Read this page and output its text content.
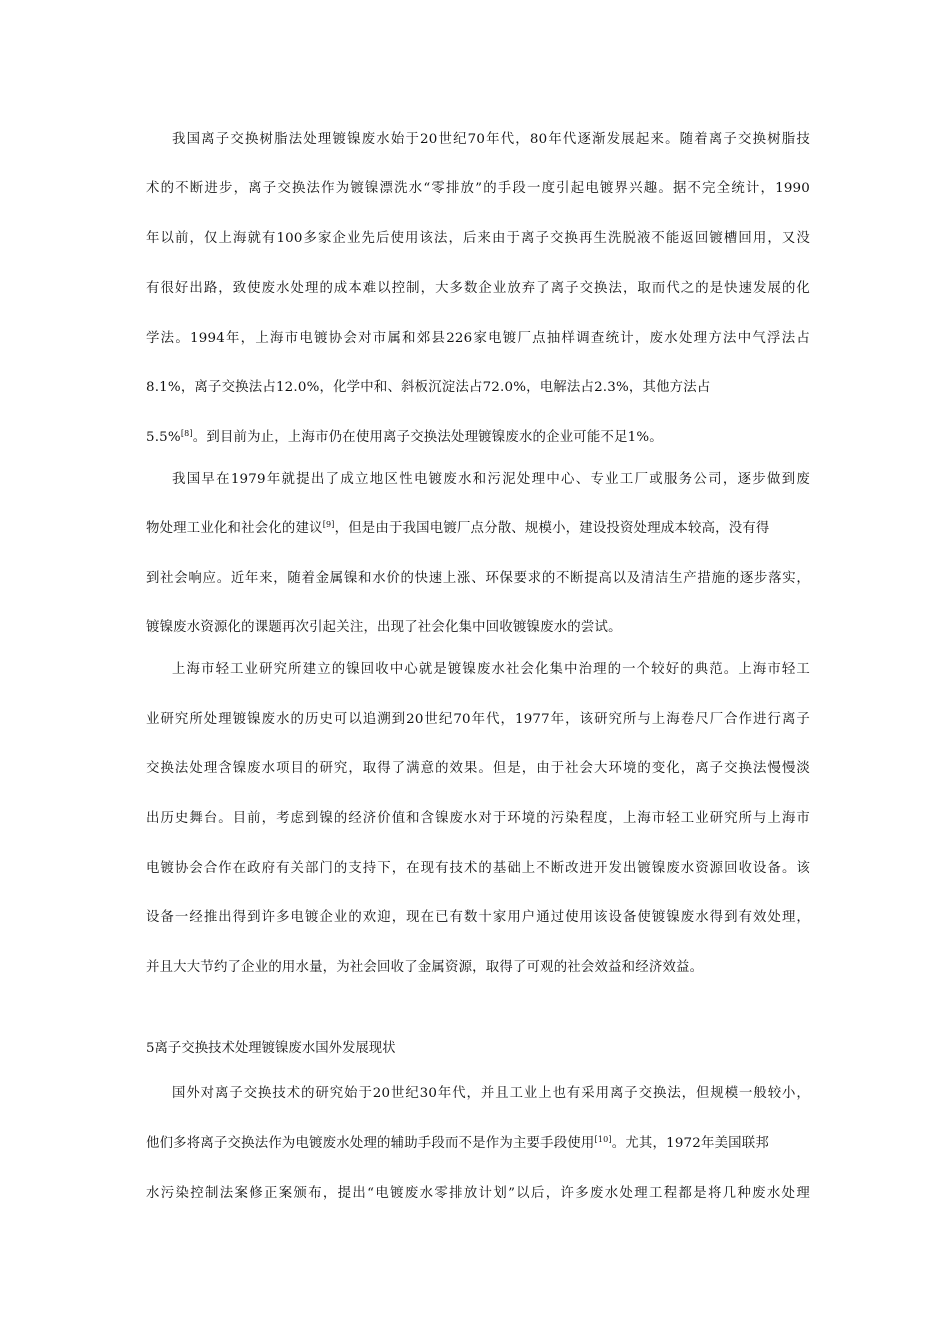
我国离子交换树脂法处理镀镍废水始于20世纪70年代，80年代逐渐发展起来。随着离子交换树脂技
术的不断进步，离子交换法作为镀镍漂洗水“零排放”的手段一度引起电镀界兴趣。据不完全统计，1990
年以前，仅上海就有100多家企业先后使用该法，后来由于离子交换再生洗脱液不能返回镀槽回用，又没
有很好出路，致使废水处理的成本难以控制，大多数企业放弃了离子交换法，取而代之的是快速发展的化
学法。1994年，上海市电镀协会对市属和郊县226家电镀厂点抽样调查统计，废水处理方法中气浮法占
8.1%，离子交换法占12.0%，化学中和、斜板沉淀法占72.0%，电解法占2.3%，其他方法占
5.5%[8]。到目前为止，上海市仍在使用离子交换法处理镀镍废水的企业可能不足1%。
我国早在1979年就提出了成立地区性电镀废水和污泥处理中心、专业工厂或服务公司，逐步做到废
物处理工业化和社会化的建议[9]，但是由于我国电镀厂点分散、规模小，建设投资处理成本较高，没有得
到社会响应。近年来，随着金属镍和水价的快速上涨、环保要求的不断提高以及清洁生产措施的逐步落实，
镀镍废水资源化的课题再次引起关注，出现了社会化集中回收镀镍废水的尝试。
上海市轻工业研究所建立的镍回收中心就是镀镍废水社会化集中治理的一个较好的典范。上海市轻工
业研究所处理镀镍废水的历史可以追溯到20世纪70年代，1977年，该研究所与上海卷尺厂合作进行离子
交换法处理含镍废水项目的研究，取得了满意的效果。但是，由于社会大环境的变化，离子交换法慢慢淡
出历史舞台。目前，考虑到镍的经济价值和含镍废水对于环境的污染程度，上海市轻工业研究所与上海市
电镀协会合作在政府有关部门的支持下，在现有技术的基础上不断改进开发出镀镍废水资源回收设备。该
设备一经推出得到许多电镀企业的欢迎，现在已有数十家用户通过使用该设备使镀镍废水得到有效处理，
并且大大节约了企业的用水量，为社会回收了金属资源，取得了可观的社会效益和经济效益。
5离子交换技术处理镀镍废水国外发展现状
国外对离子交换技术的研究始于20世纪30年代，并且工业上也有采用离子交换法，但规模一般较小，
他们多将离子交换法作为电镀废水处理的辅助手段而不是作为主要手段使用[10]。尤其，1972年美国联邦
水污染控制法案修正案颁布，提出“电镀废水零排放计划”以后，许多废水处理工程都是将几种废水处理
